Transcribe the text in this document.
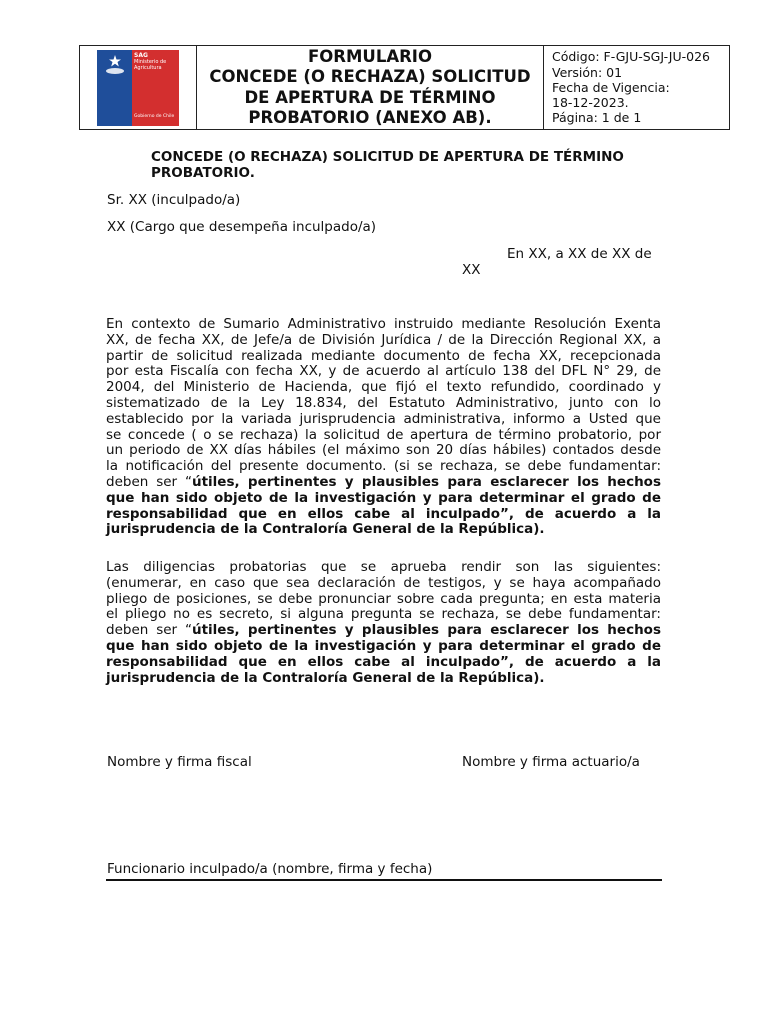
SAG
Ministerio de
Agricultura
Gobierno de Chile
FORMULARIO
CONCEDE (O RECHAZA) SOLICITUD
DE APERTURA DE TÉRMINO
PROBATORIO (ANEXO AB).
Código: F-GJU-SGJ-JU-026
Versión: 01
Fecha de Vigencia:
18-12-2023.
Página: 1 de 1
CONCEDE (O RECHAZA) SOLICITUD DE APERTURA DE TÉRMINO
PROBATORIO.
Sr. XX (inculpado/a)
XX (Cargo que desempeña inculpado/a)
En XX, a XX de XX de
XX
En contexto de Sumario Administrativo instruido mediante Resolución Exenta
XX, de fecha XX, de Jefe/a de División Jurídica / de la Dirección Regional XX, a
partir de solicitud realizada mediante documento de fecha XX, recepcionada
por esta Fiscalía con fecha XX, y de acuerdo al artículo 138 del DFL N° 29, de
2004, del Ministerio de Hacienda, que fijó el texto refundido, coordinado y
sistematizado de la Ley 18.834, del Estatuto Administrativo, junto con lo
establecido por la variada jurisprudencia administrativa, informo a Usted que
se concede ( o se rechaza) la solicitud de apertura de término probatorio, por
un periodo de XX días hábiles (el máximo son 20 días hábiles) contados desde
la notificación del presente documento. (si se rechaza, se debe fundamentar:
deben ser “útiles, pertinentes y plausibles para esclarecer los hechos
que han sido objeto de la investigación y para determinar el grado de
responsabilidad que en ellos cabe al inculpado”, de acuerdo a la
jurisprudencia de la Contraloría General de la República).
Las diligencias probatorias que se aprueba rendir son las siguientes:
(enumerar, en caso que sea declaración de testigos, y se haya acompañado
pliego de posiciones, se debe pronunciar sobre cada pregunta; en esta materia
el pliego no es secreto, si alguna pregunta se rechaza, se debe fundamentar:
deben ser “útiles, pertinentes y plausibles para esclarecer los hechos
que han sido objeto de la investigación y para determinar el grado de
responsabilidad que en ellos cabe al inculpado”, de acuerdo a la
jurisprudencia de la Contraloría General de la República).
Nombre y firma fiscal	Nombre y firma actuario/a
Funcionario inculpado/a (nombre, firma y fecha)
